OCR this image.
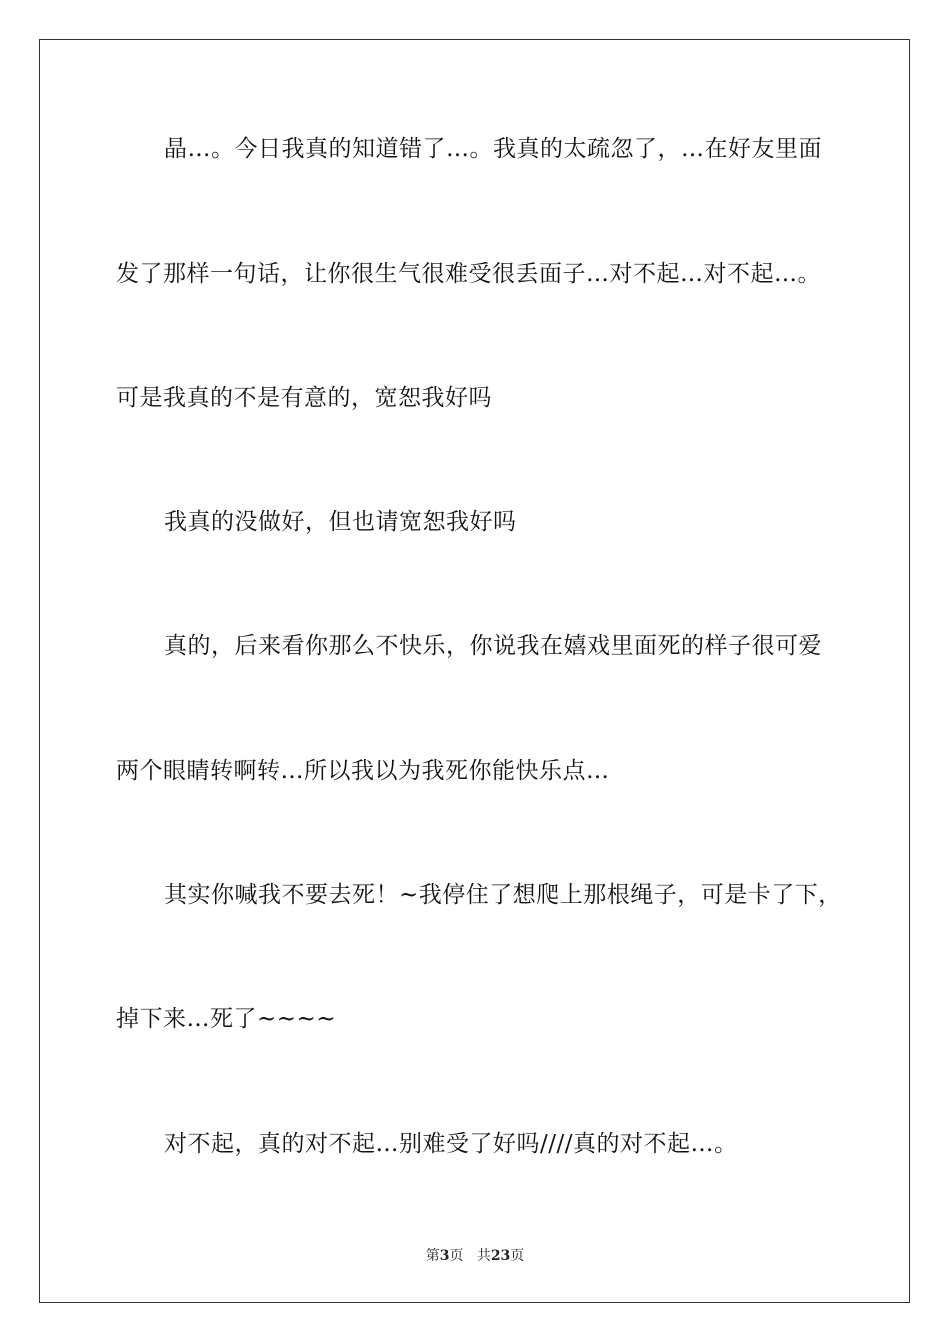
晶…。今日我真的知道错了…。我真的太疏忽了，…在好友里面
发了那样一句话，让你很生气很难受很丢面子…对不起…对不起…。
可是我真的不是有意的，宽恕我好吗
我真的没做好，但也请宽恕我好吗
真的，后来看你那么不快乐，你说我在嬉戏里面死的样子很可爱
两个眼睛转啊转…所以我以为我死你能快乐点…
其实你喊我不要去死！~我停住了想爬上那根绳子，可是卡了下，
掉下来…死了~~~~
对不起，真的对不起…别难受了好吗////真的对不起…。
第3页 共23页
